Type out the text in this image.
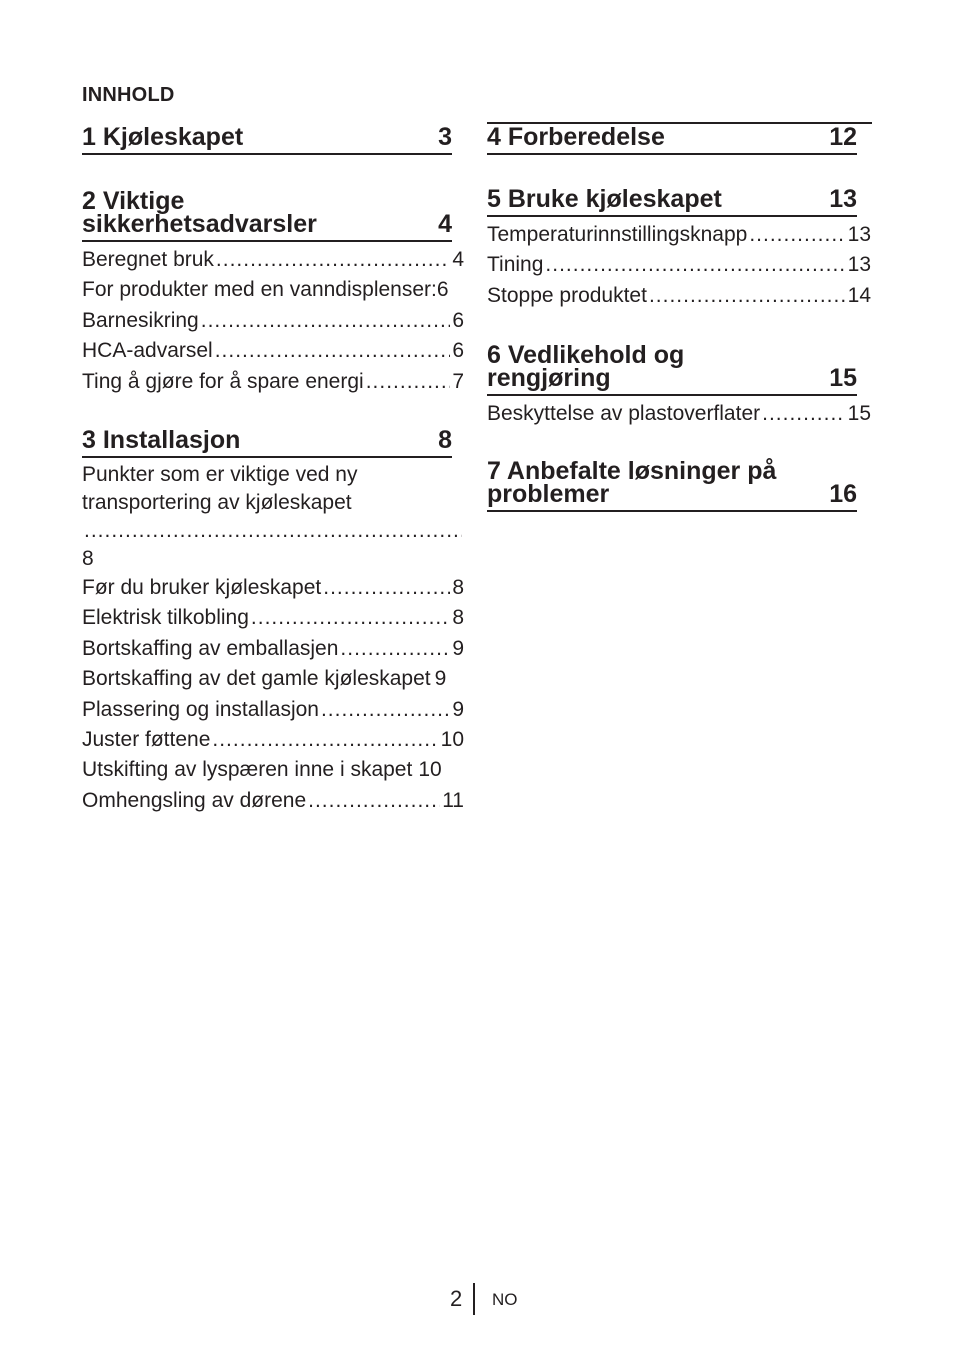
INNHOLD
1 Kjøleskapet	3
2 Viktige
sikkerhetsadvarsler	4
Beregnet bruk .....	4
For produkter med en vanndisplenser: 6
Barnesikring .....	6
HCA-advarsel .....	6
Ting å gjøre for å spare energi .....	7
3 Installasjon	8
Punkter som er viktige ved ny
transportering av kjøleskapet
.....
8
Før du bruker kjøleskapet .....	8
Elektrisk tilkobling .....	8
Bortskaffing av emballasjen .....	9
Bortskaffing av det gamle kjøleskapet 9
Plassering og installasjon .....	9
Juster føttene .....	10
Utskifting av lyspæren inne i skapet 10
Omhengsling av dørene .....	11
4 Forberedelse	12
5 Bruke kjøleskapet	13
Temperaturinnstillingsknapp .....	13
Tining .....	13
Stoppe produktet .....	14
6 Vedlikehold og
rengjøring	15
Beskyttelse av plastoverflater .....	15
7 Anbefalte løsninger på
problemer	16
2 NO
